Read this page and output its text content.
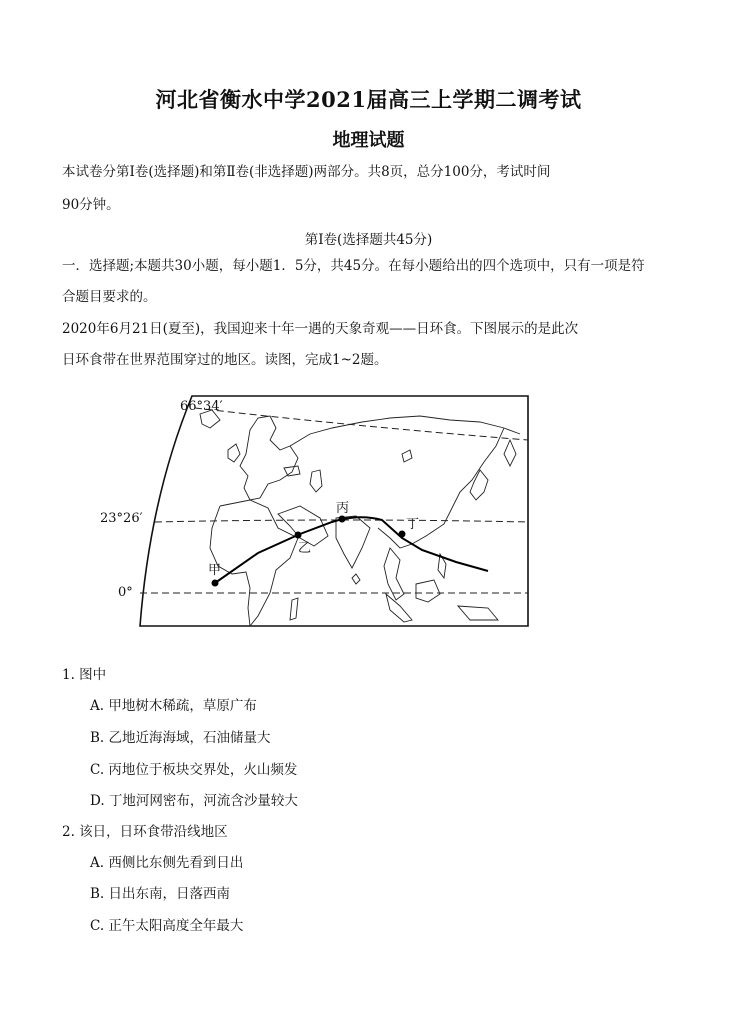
河北省衡水中学2021届高三上学期二调考试
地理试题
本试卷分第Ⅰ卷(选择题)和第Ⅱ卷(非选择题)两部分。共8页，总分100分，考试时间
90分钟。
第Ⅰ卷(选择题共45分)
一．选择题;本题共30小题，每小题1．5分，共45分。在每小题给出的四个选项中，只有一项是符
合题目要求的。
2020年6月21日(夏至)，我国迎来十年一遇的天象奇观——日环食。下图展示的是此次
日环食带在世界范围穿过的地区。读图，完成1~2题。
66°34′
23°26′
0°
甲
乙
丙
丁
1. 图中
A. 甲地树木稀疏，草原广布
B. 乙地近海海域，石油储量大
C. 丙地位于板块交界处，火山频发
D. 丁地河网密布，河流含沙量较大
2. 该日，日环食带沿线地区
A. 西侧比东侧先看到日出
B. 日出东南，日落西南
C. 正午太阳高度全年最大
